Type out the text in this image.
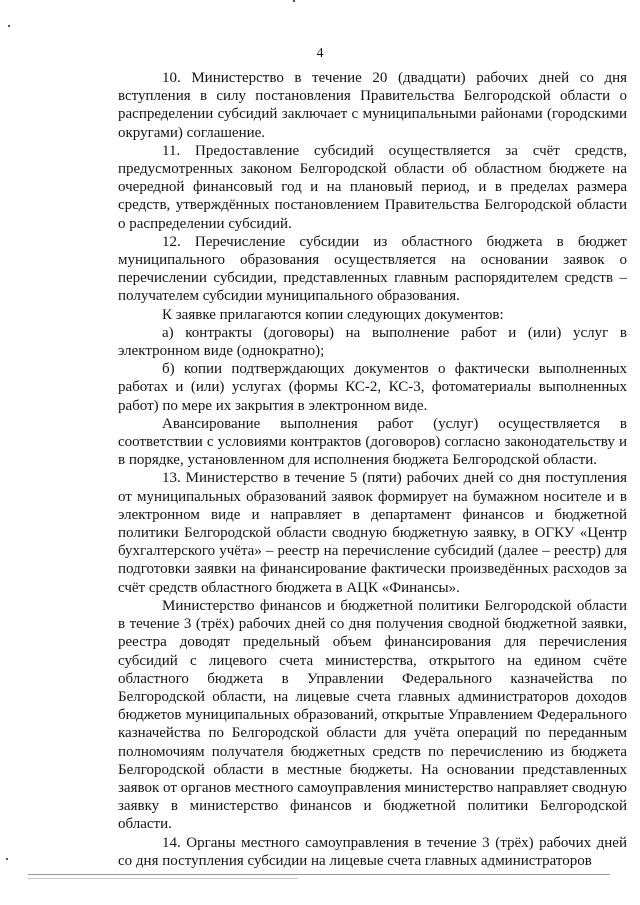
4

10. Министерство в течение 20 (двадцати) рабочих дней со дня вступления в силу постановления Правительства Белгородской области о распределении субсидий заключает с муниципальными районами (городскими округами) соглашение.

11. Предоставление субсидий осуществляется за счёт средств, предусмотренных законом Белгородской области об областном бюджете на очередной финансовый год и на плановый период, и в пределах размера средств, утверждённых постановлением Правительства Белгородской области о распределении субсидий.

12. Перечисление субсидии из областного бюджета в бюджет муниципального образования осуществляется на основании заявок о перечислении субсидии, представленных главным распорядителем средств – получателем субсидии муниципального образования.

К заявке прилагаются копии следующих документов:

а) контракты (договоры) на выполнение работ и (или) услуг в электронном виде (однократно);

б) копии подтверждающих документов о фактически выполненных работах и (или) услугах (формы КС-2, КС-3, фотоматериалы выполненных работ) по мере их закрытия в электронном виде.

Авансирование выполнения работ (услуг) осуществляется в соответствии с условиями контрактов (договоров) согласно законодательству и в порядке, установленном для исполнения бюджета Белгородской области.

13. Министерство в течение 5 (пяти) рабочих дней со дня поступления от муниципальных образований заявок формирует на бумажном носителе и в электронном виде и направляет в департамент финансов и бюджетной политики Белгородской области сводную бюджетную заявку, в ОГКУ «Центр бухгалтерского учёта» – реестр на перечисление субсидий (далее – реестр) для подготовки заявки на финансирование фактически произведённых расходов за счёт средств областного бюджета в АЦК «Финансы».

Министерство финансов и бюджетной политики Белгородской области в течение 3 (трёх) рабочих дней со дня получения сводной бюджетной заявки, реестра доводят предельный объем финансирования для перечисления субсидий с лицевого счета министерства, открытого на едином счёте областного бюджета в Управлении Федерального казначейства по Белгородской области, на лицевые счета главных администраторов доходов бюджетов муниципальных образований, открытые Управлением Федерального казначейства по Белгородской области для учёта операций по переданным полномочиям получателя бюджетных средств по перечислению из бюджета Белгородской области в местные бюджеты. На основании представленных заявок от органов местного самоуправления министерство направляет сводную заявку в министерство финансов и бюджетной политики Белгородской области.

14. Органы местного самоуправления в течение 3 (трёх) рабочих дней со дня поступления субсидии на лицевые счета главных администраторов
